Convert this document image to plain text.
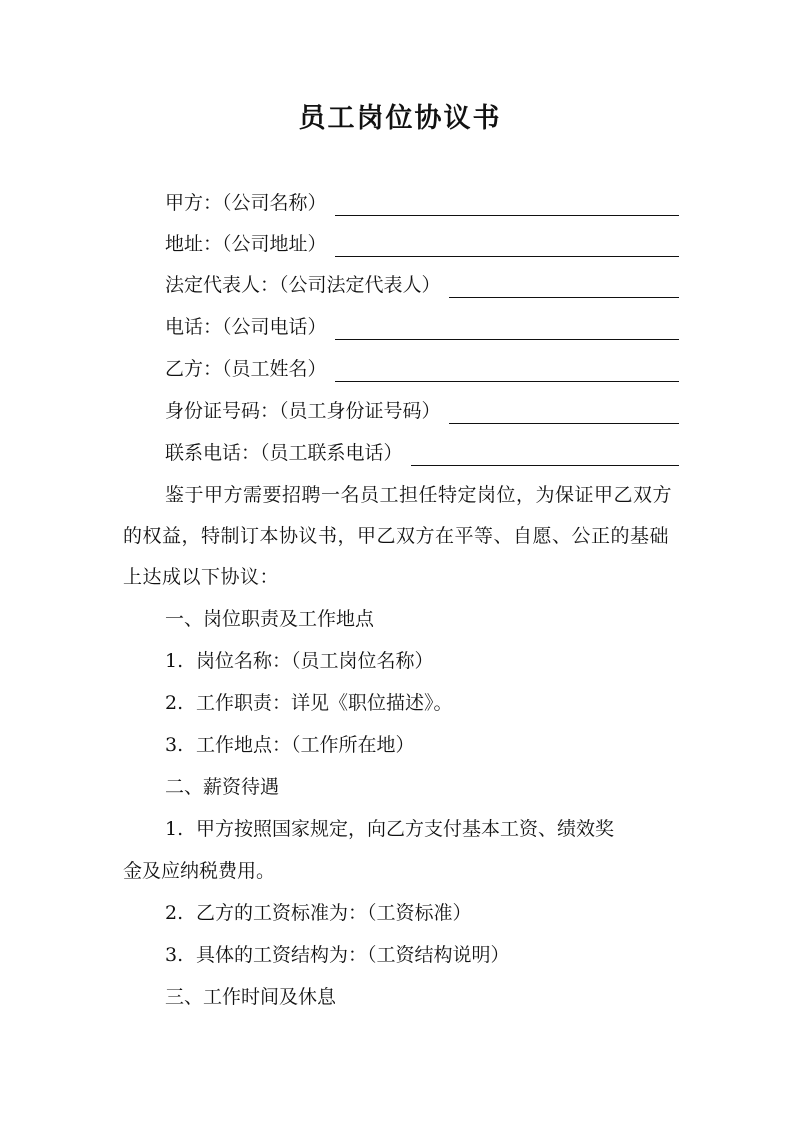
员工岗位协议书
甲方：（公司名称）
地址：（公司地址）
法定代表人：（公司法定代表人）
电话：（公司电话）
乙方：（员工姓名）
身份证号码：（员工身份证号码）
联系电话：（员工联系电话）
鉴于甲方需要招聘一名员工担任特定岗位，为保证甲乙双方的权益，特制订本协议书，甲乙双方在平等、自愿、公正的基础上达成以下协议：
一、岗位职责及工作地点
1. 岗位名称：（员工岗位名称）
2. 工作职责：详见《职位描述》。
3. 工作地点：（工作所在地）
二、薪资待遇
1. 甲方按照国家规定，向乙方支付基本工资、绩效奖
金及应纳税费用。
2. 乙方的工资标准为：（工资标准）
3. 具体的工资结构为：（工资结构说明）
三、工作时间及休息
